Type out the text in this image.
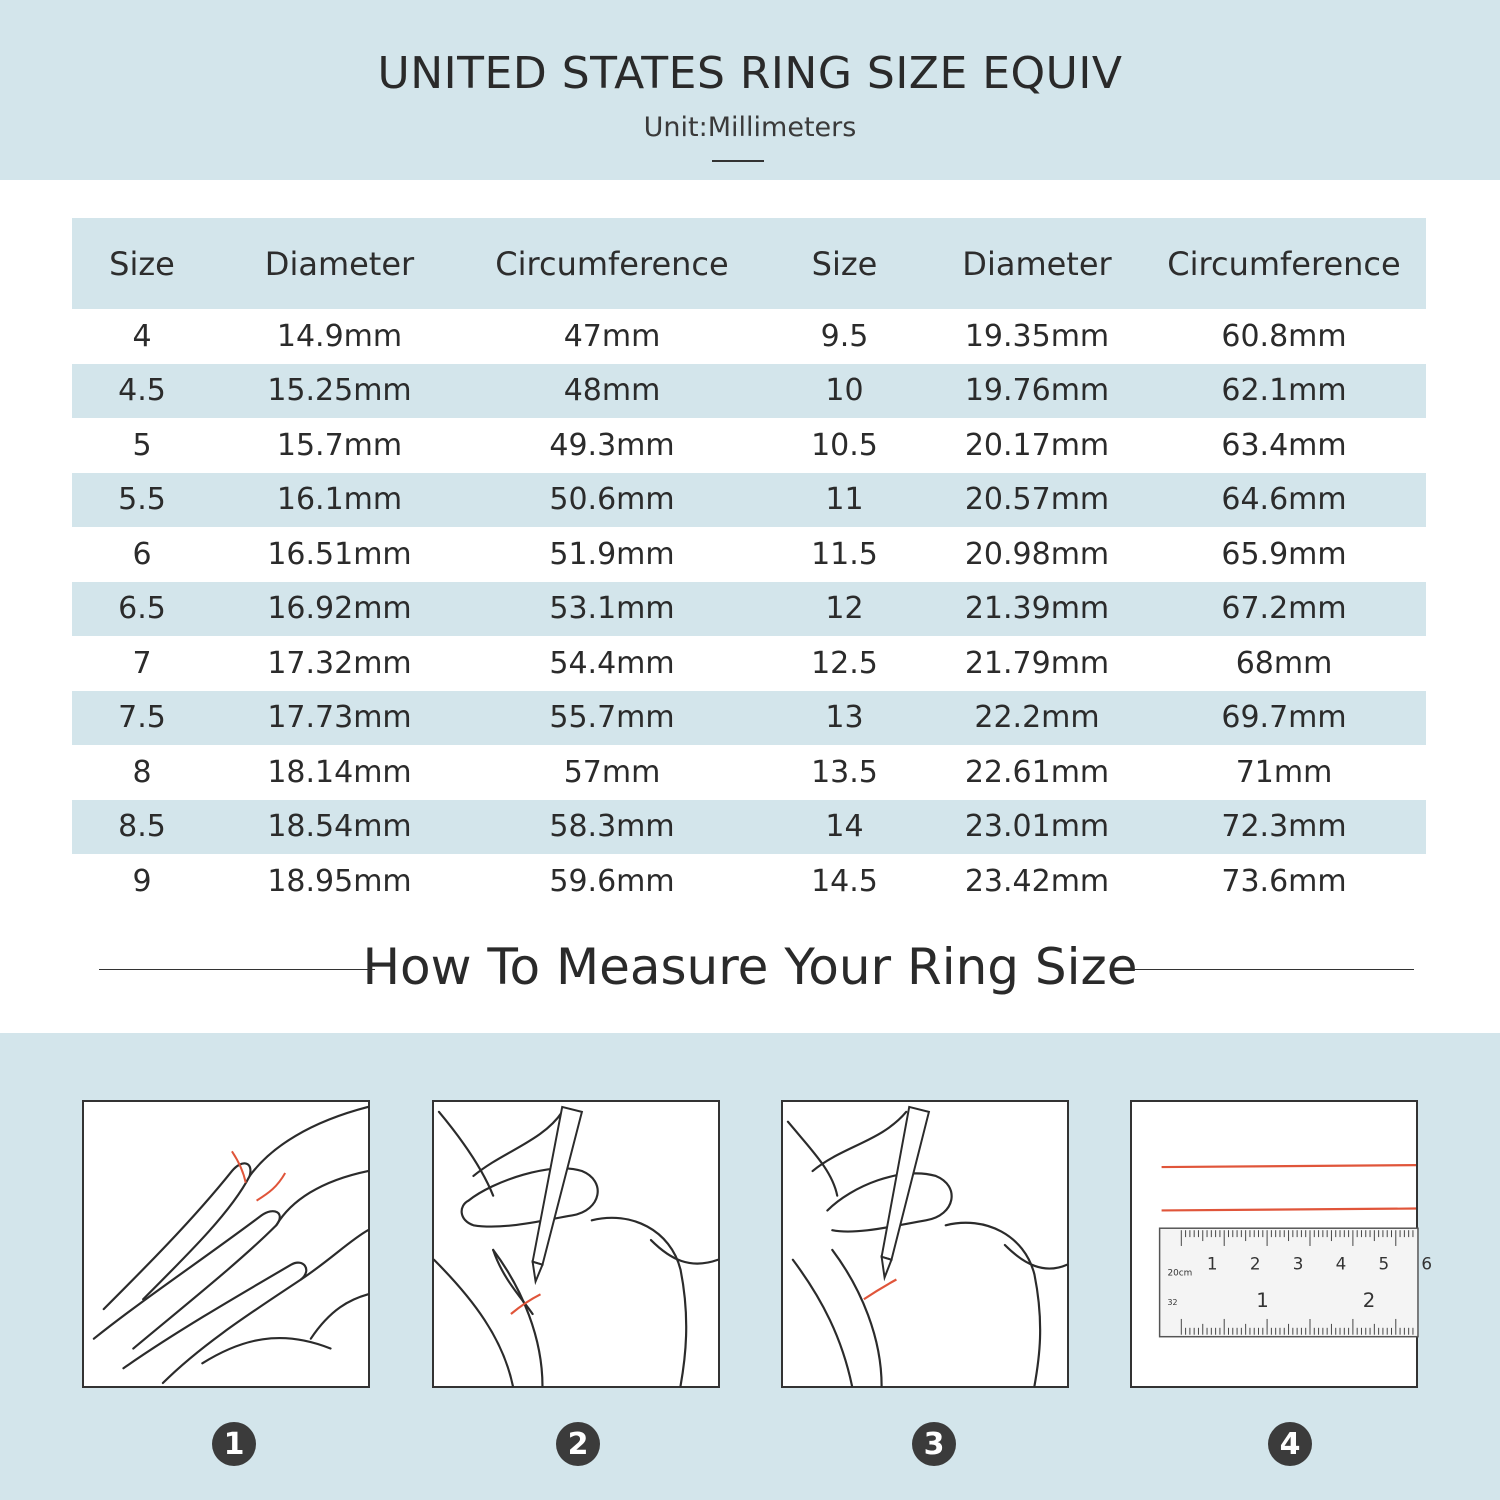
UNITED STATES RING SIZE EQUIV
Unit:Millimeters
Size	Diameter	Circumference	Size	Diameter	Circumference
4	14.9mm	47mm	9.5	19.35mm	60.8mm
4.5	15.25mm	48mm	10	19.76mm	62.1mm
5	15.7mm	49.3mm	10.5	20.17mm	63.4mm
5.5	16.1mm	50.6mm	11	20.57mm	64.6mm
6	16.51mm	51.9mm	11.5	20.98mm	65.9mm
6.5	16.92mm	53.1mm	12	21.39mm	67.2mm
7	17.32mm	54.4mm	12.5	21.79mm	68mm
7.5	17.73mm	55.7mm	13	22.2mm	69.7mm
8	18.14mm	57mm	13.5	22.61mm	71mm
8.5	18.54mm	58.3mm	14	23.01mm	72.3mm
9	18.95mm	59.6mm	14.5	23.42mm	73.6mm
How To Measure Your Ring Size
20cm 1 2 3 4 5 6
32	1	2
1	2	3	4
